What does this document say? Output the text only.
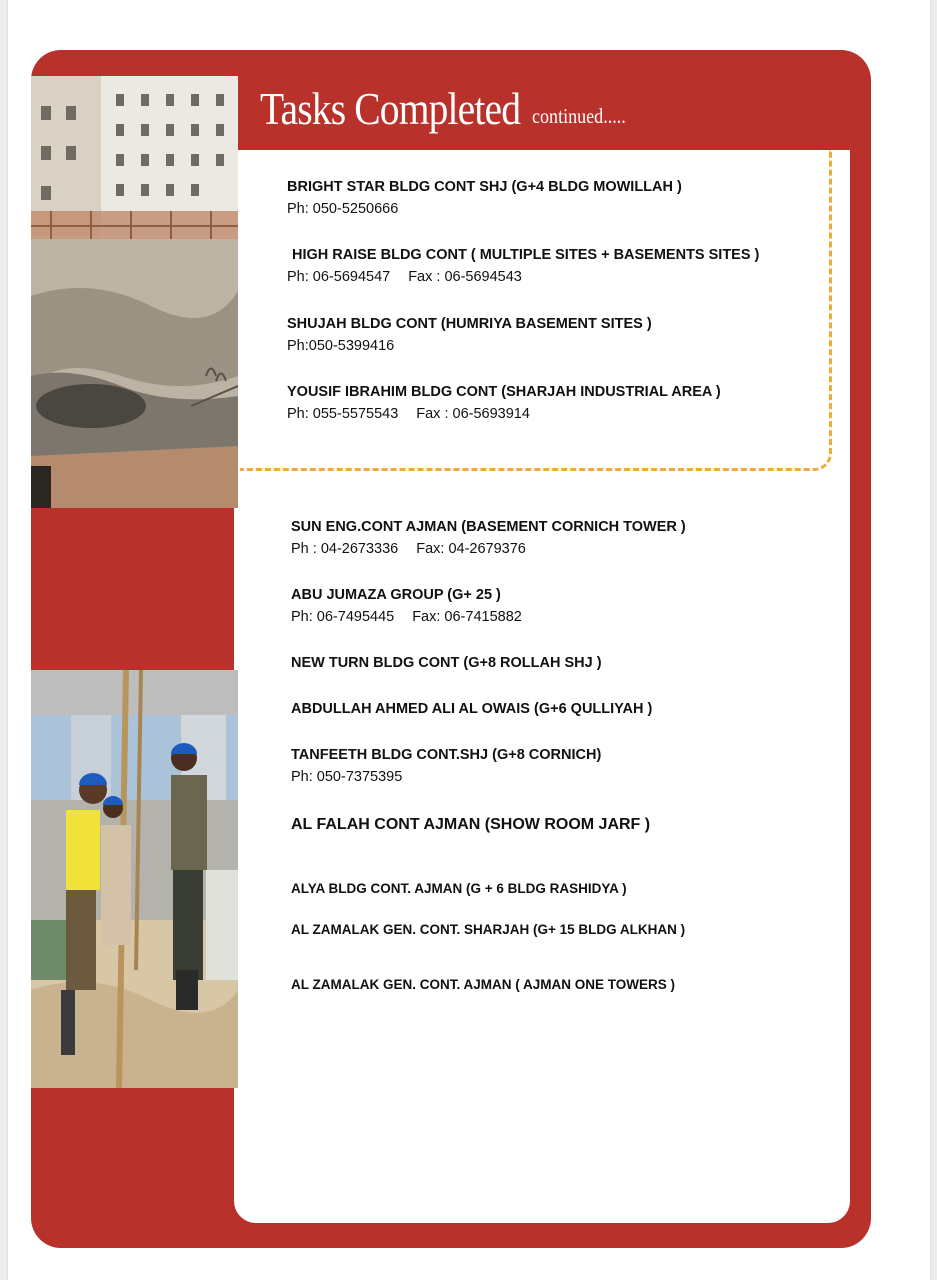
Tasks Completed continued.....
BRIGHT STAR BLDG CONT SHJ (G+4 BLDG MOWILLAH )
Ph: 050-5250666
HIGH RAISE BLDG CONT ( MULTIPLE SITES + BASEMENTS SITES )
Ph: 06-5694547 Fax : 06-5694543
SHUJAH BLDG CONT (HUMRIYA BASEMENT SITES )
Ph:050-5399416
YOUSIF IBRAHIM BLDG CONT (SHARJAH INDUSTRIAL AREA )
Ph: 055-5575543 Fax : 06-5693914
SUN ENG.CONT AJMAN (BASEMENT CORNICH TOWER )
Ph : 04-2673336 Fax: 04-2679376
ABU JUMAZA GROUP (G+ 25 )
Ph: 06-7495445 Fax: 06-7415882
NEW TURN BLDG CONT (G+8 ROLLAH SHJ )
ABDULLAH AHMED ALI AL OWAIS (G+6 QULLIYAH )
TANFEETH BLDG CONT.SHJ (G+8 CORNICH)
Ph: 050-7375395
AL FALAH CONT AJMAN (SHOW ROOM JARF )
ALYA BLDG CONT. AJMAN (G + 6 BLDG RASHIDYA )
AL ZAMALAK GEN. CONT. SHARJAH (G+ 15 BLDG ALKHAN )
AL ZAMALAK GEN. CONT. AJMAN ( AJMAN ONE TOWERS )
